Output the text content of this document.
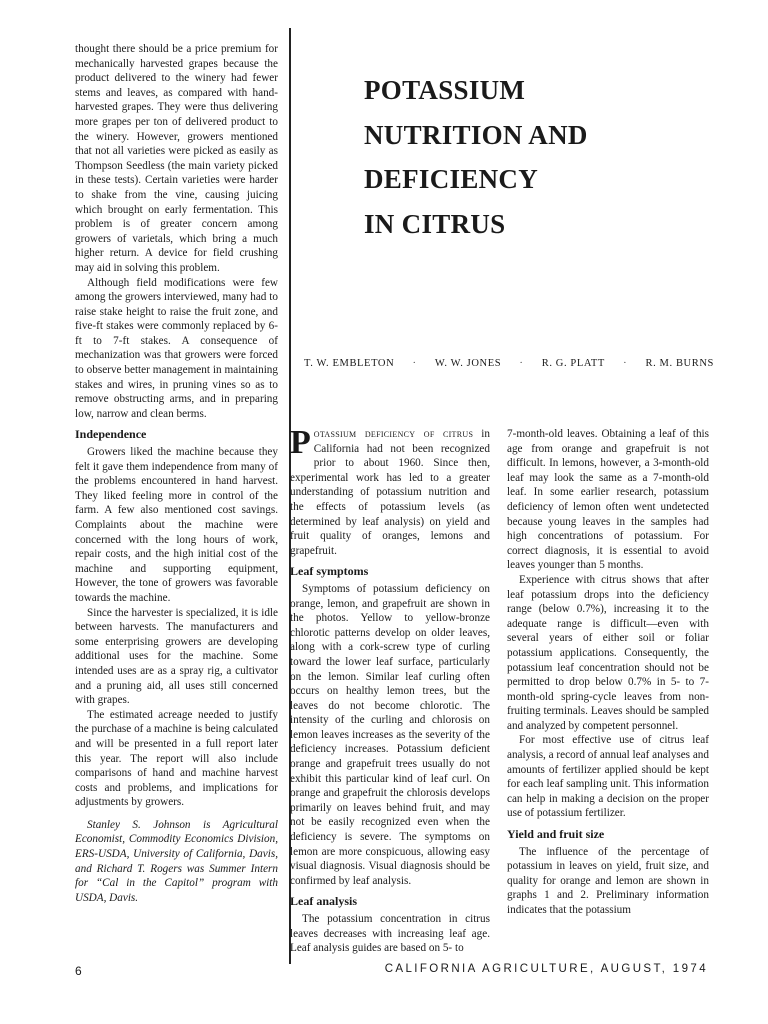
thought there should be a price premium for mechanically harvested grapes because the product delivered to the winery had fewer stems and leaves, as compared with hand-harvested grapes. They were thus delivering more grapes per ton of delivered product to the winery. However, growers mentioned that not all varieties were picked as easily as Thompson Seedless (the main variety picked in these tests). Certain varieties were harder to shake from the vine, causing juicing which brought on early fermentation. This problem is of greater concern among growers of varietals, which bring a much higher return. A device for field crushing may aid in solving this problem.

Although field modifications were few among the growers interviewed, many had to raise stake height to raise the fruit zone, and five-ft stakes were commonly replaced by 6-ft to 7-ft stakes. A consequence of mechanization was that growers were forced to observe better management in maintaining stakes and wires, in pruning vines so as to remove obstructing arms, and in preparing low, narrow and clean berms.

Independence

Growers liked the machine because they felt it gave them independence from many of the problems encountered in hand harvest. They liked feeling more in control of the farm. A few also mentioned cost savings. Complaints about the machine were concerned with the long hours of work, repair costs, and the high initial cost of the machine and supporting equipment, However, the tone of growers was favorable towards the machine.

Since the harvester is specialized, it is idle between harvests. The manufacturers and some enterprising growers are developing additional uses for the machine. Some intended uses are as a spray rig, a cultivator and a pruning aid, all uses still concerned with grapes.

The estimated acreage needed to justify the purchase of a machine is being calculated and will be presented in a full report later this year. The report will also include comparisons of hand and machine harvest costs and problems, and implications for adjustments by growers.

Stanley S. Johnson is Agricultural Economist, Commodity Economics Division, ERS-USDA, University of California, Davis, and Richard T. Rogers was Summer Intern for “Cal in the Capitol” program with USDA, Davis.

POTASSIUM
NUTRITION AND
DEFICIENCY
IN CITRUS
T. W. EMBLETON · W. W. JONES · R. G. PLATT · R. M. BURNS

Potassium deficiency of citrus in California had not been recognized prior to about 1960. Since then, experimental work has led to a greater understanding of potassium nutrition and the effects of potassium levels (as determined by leaf analysis) on yield and fruit quality of oranges, lemons and grapefruit.

Leaf symptoms

Symptoms of potassium deficiency on orange, lemon, and grapefruit are shown in the photos. Yellow to yellow-bronze chlorotic patterns develop on older leaves, along with a cork-screw type of curling toward the lower leaf surface, particularly on the lemon. Similar leaf curling often occurs on healthy lemon trees, but the leaves do not become chlorotic. The intensity of the curling and chlorosis on lemon leaves increases as the severity of the deficiency increases. Potassium deficient orange and grapefruit trees usually do not exhibit this particular kind of leaf curl. On orange and grapefruit the chlorosis develops primarily on leaves behind fruit, and may not be easily recognized even when the deficiency is severe. The symptoms on lemon are more conspicuous, allowing easy visual diagnosis. Visual diagnosis should be confirmed by leaf analysis.

Leaf analysis

The potassium concentration in citrus leaves decreases with increasing leaf age. Leaf analysis guides are based on 5- to

7-month-old leaves. Obtaining a leaf of this age from orange and grapefruit is not difficult. In lemons, however, a 3-month-old leaf may look the same as a 7-month-old leaf. In some earlier research, potassium deficiency of lemon often went undetected because young leaves in the samples had high concentrations of potassium. For correct diagnosis, it is essential to avoid leaves younger than 5 months.

Experience with citrus shows that after leaf potassium drops into the deficiency range (below 0.7%), increasing it to the adequate range is difficult—even with several years of either soil or foliar potassium applications. Consequently, the potassium leaf concentration should not be permitted to drop below 0.7% in 5- to 7-month-old spring-cycle leaves from non-fruiting terminals. Leaves should be sampled and analyzed by competent personnel.

For most effective use of citrus leaf analysis, a record of annual leaf analyses and amounts of fertilizer applied should be kept for each leaf sampling unit. This information can help in making a decision on the proper use of potassium fertilizer.

Yield and fruit size

The influence of the percentage of potassium in leaves on yield, fruit size, and quality for orange and lemon are shown in graphs 1 and 2. Preliminary information indicates that the potassium

6	CALIFORNIA AGRICULTURE, AUGUST, 1974
